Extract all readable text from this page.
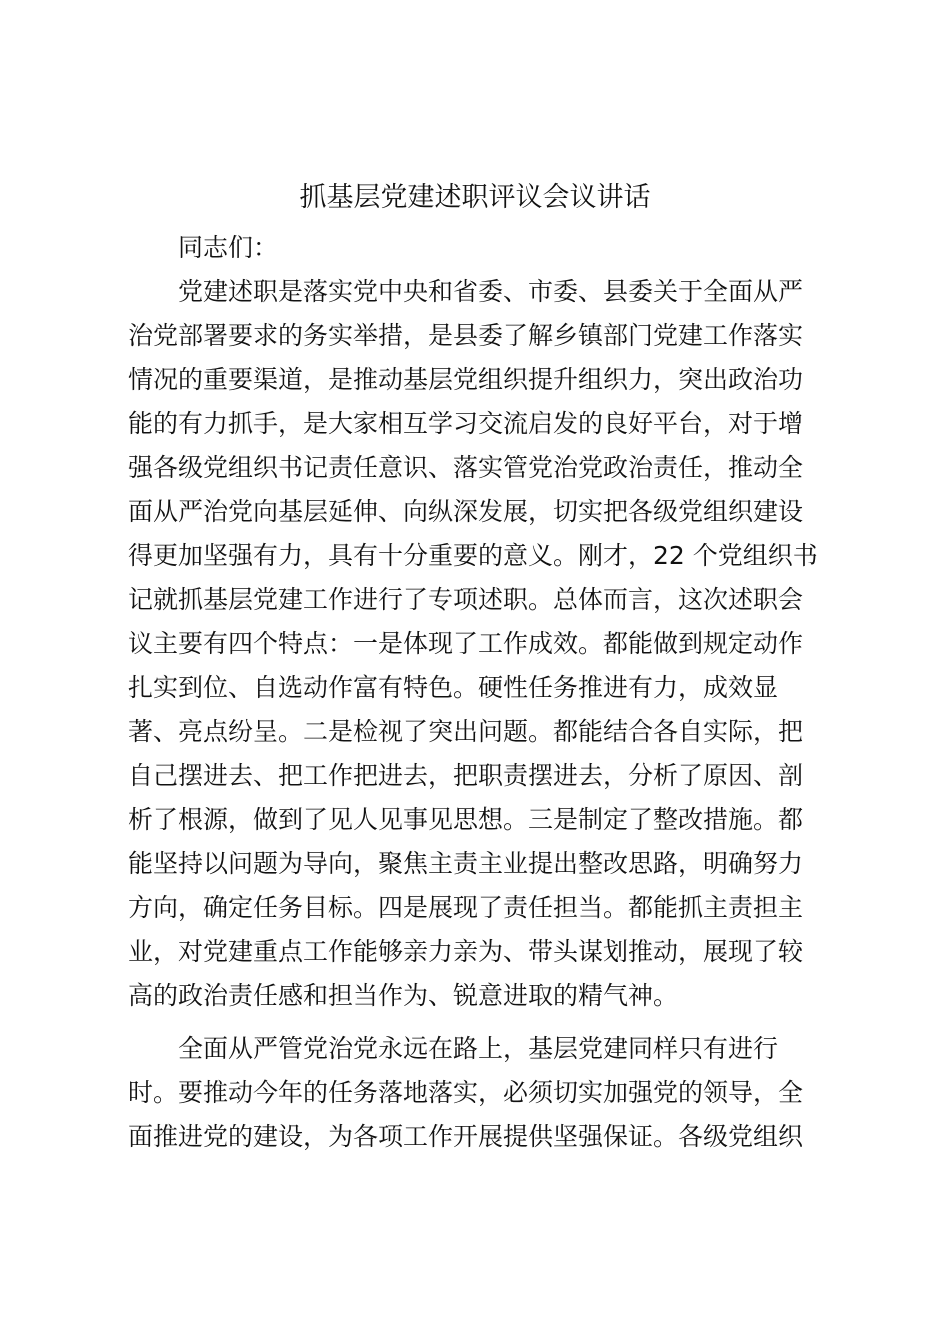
抓基层党建述职评议会议讲话
同志们：
党建述职是落实党中央和省委、市委、县委关于全面从严
治党部署要求的务实举措，是县委了解乡镇部门党建工作落实
情况的重要渠道，是推动基层党组织提升组织力，突出政治功
能的有力抓手，是大家相互学习交流启发的良好平台，对于增
强各级党组织书记责任意识、落实管党治党政治责任，推动全
面从严治党向基层延伸、向纵深发展，切实把各级党组织建设
得更加坚强有力，具有十分重要的意义。刚才，22 个党组织书
记就抓基层党建工作进行了专项述职。总体而言，这次述职会
议主要有四个特点：一是体现了工作成效。都能做到规定动作
扎实到位、自选动作富有特色。硬性任务推进有力，成效显
著、亮点纷呈。二是检视了突出问题。都能结合各自实际，把
自己摆进去、把工作把进去，把职责摆进去，分析了原因、剖
析了根源，做到了见人见事见思想。三是制定了整改措施。都
能坚持以问题为导向，聚焦主责主业提出整改思路，明确努力
方向，确定任务目标。四是展现了责任担当。都能抓主责担主
业，对党建重点工作能够亲力亲为、带头谋划推动，展现了较
高的政治责任感和担当作为、锐意进取的精气神。
全面从严管党治党永远在路上，基层党建同样只有进行
时。要推动今年的任务落地落实，必须切实加强党的领导，全
面推进党的建设，为各项工作开展提供坚强保证。各级党组织
